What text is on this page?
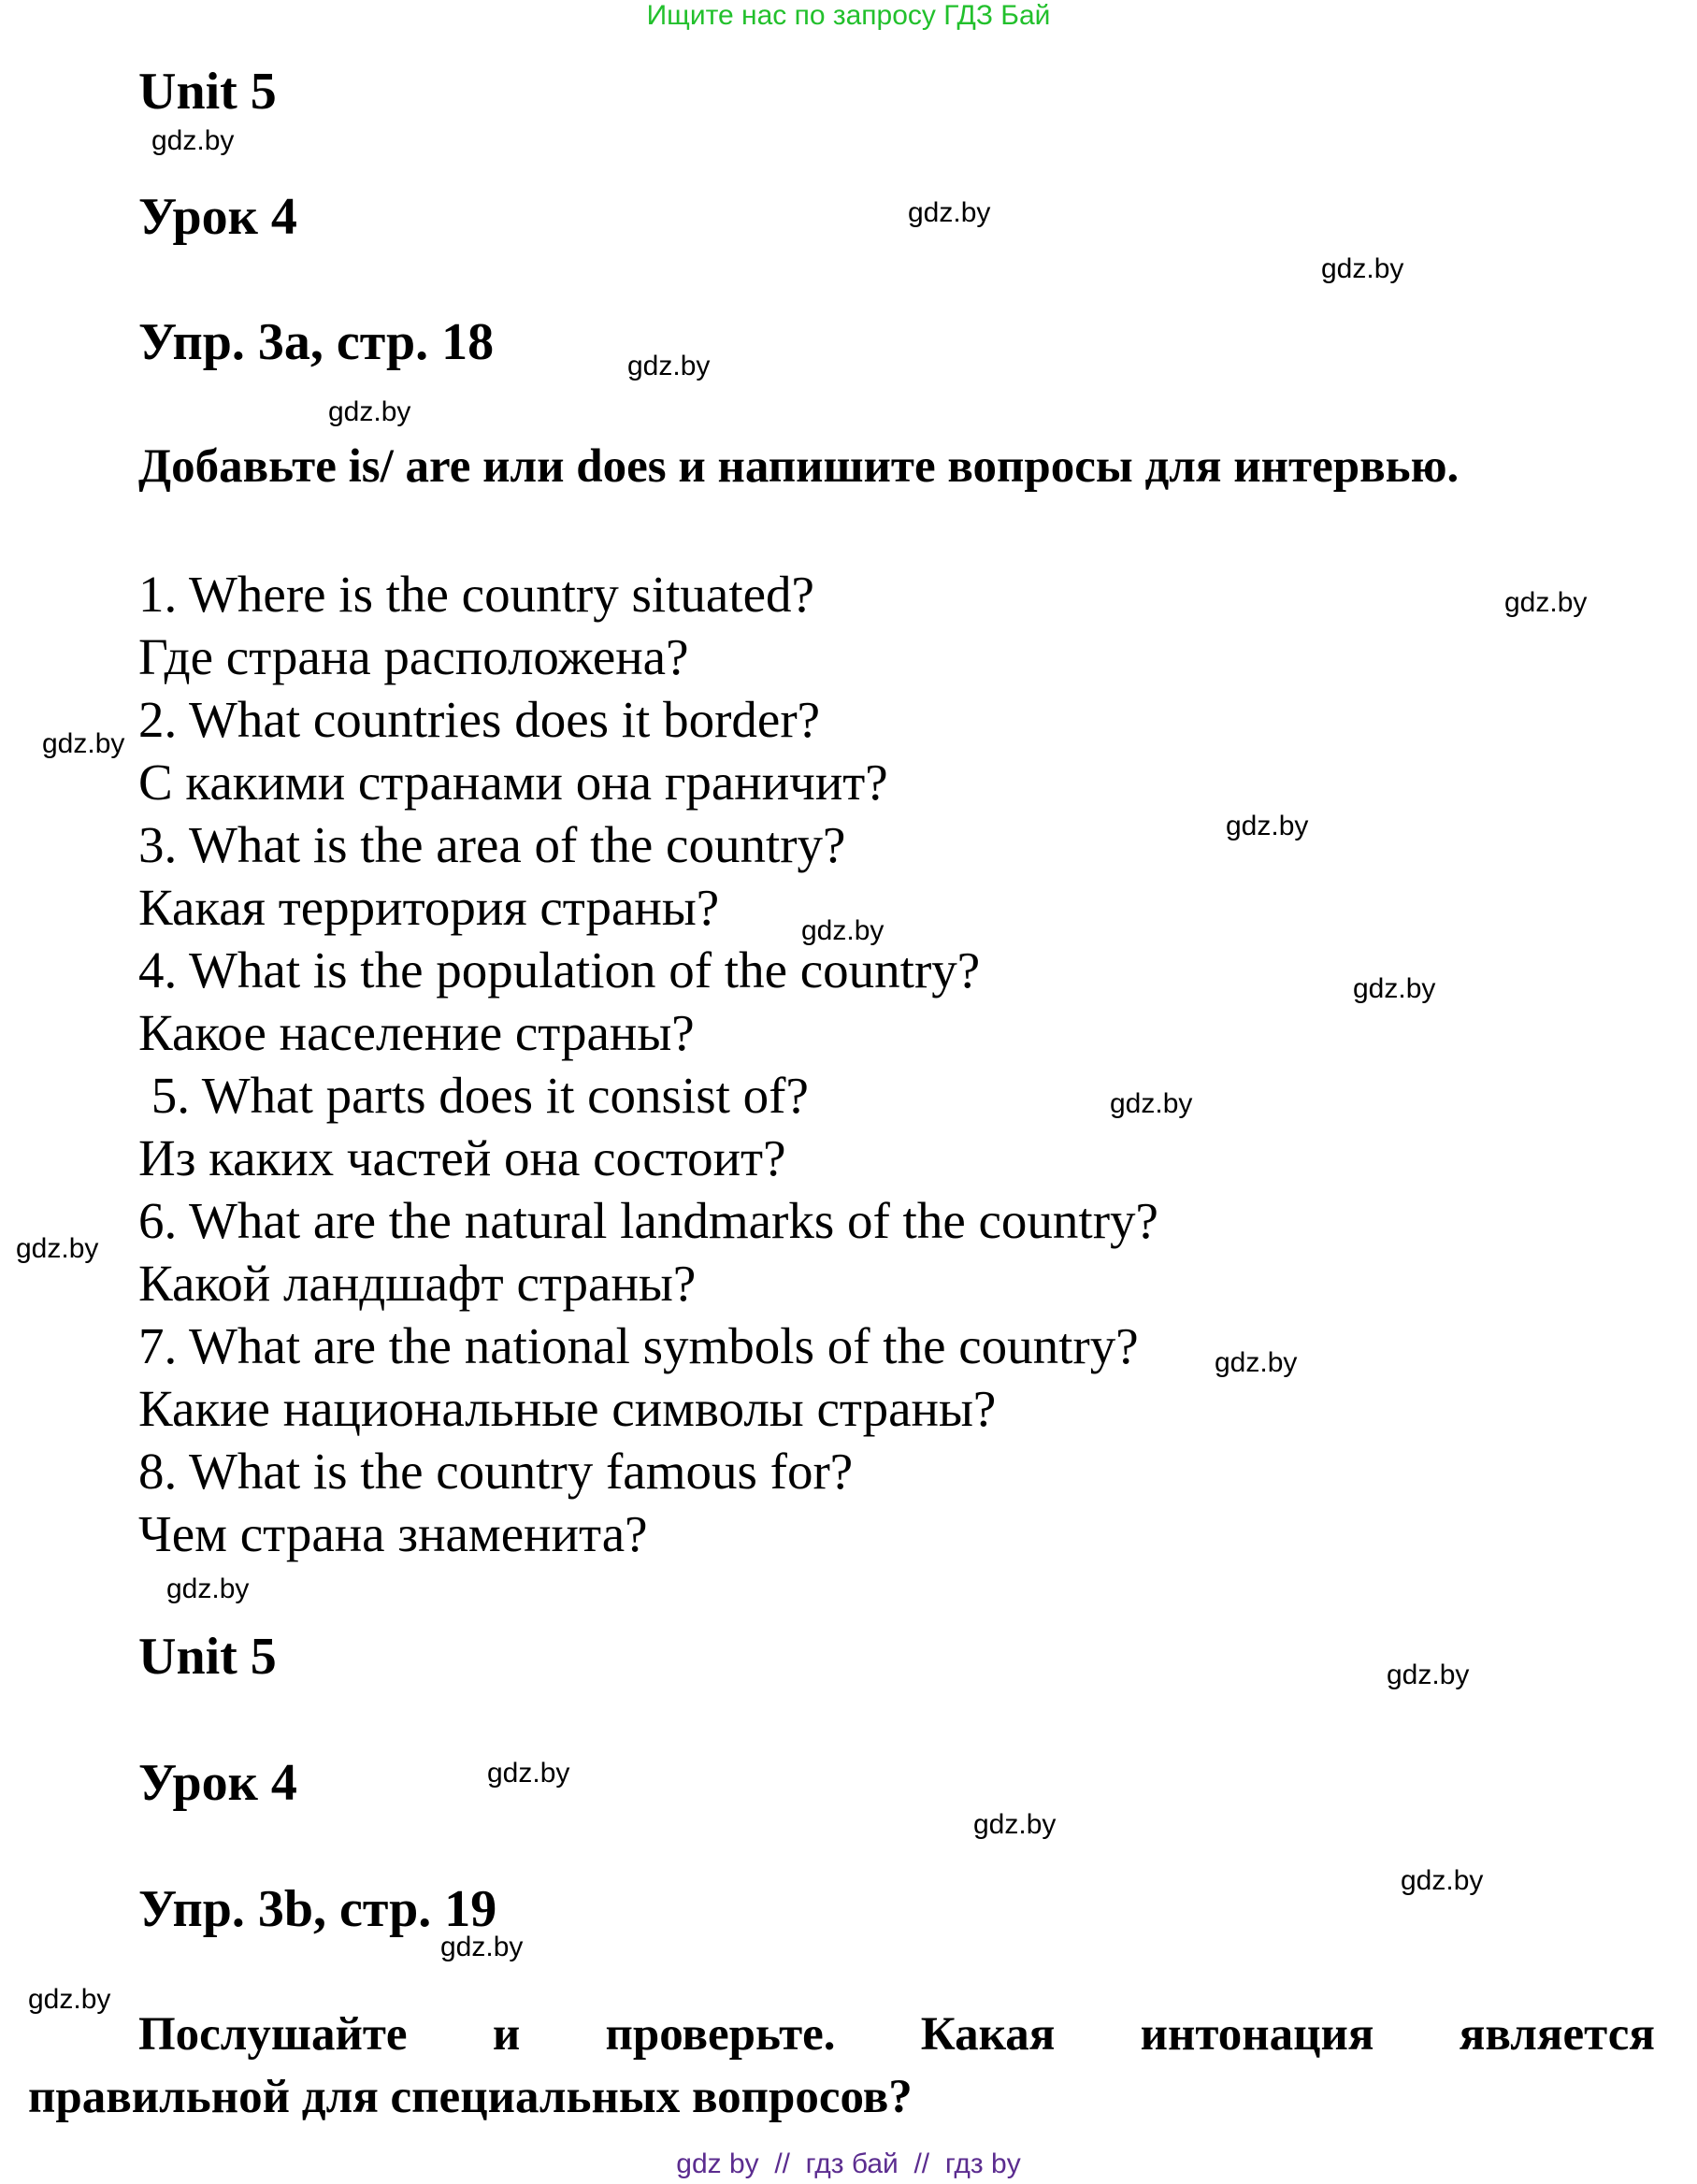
Ищите нас по запросу ГДЗ Бай
Unit 5
Урок 4
Упр. 3а, стр. 18
Добавьте is/ are или does и напишите вопросы для интервью.
1. Where is the country situated?
Где страна расположена?
2. What countries does it border?
С какими странами она граничит?
3. What is the area of the country?
Какая территория страны?
4. What is the population of the country?
Какое население страны?
5. What parts does it consist of?
Из каких частей она состоит?
6. What are the natural landmarks of the country?
Какой ландшафт страны?
7. What are the national symbols of the country?
Какие национальные символы страны?
8. What is the country famous for?
Чем страна знаменита?
Unit 5
Урок 4
Упр. 3b, стр. 19
Послушайте и проверьте. Какая интонация является
правильной для специальных вопросов?
gdz.by
gdz.by
gdz.by
gdz.by
gdz.by
gdz.by
gdz.by
gdz.by
gdz.by
gdz.by
gdz.by
gdz.by
gdz.by
gdz.by
gdz.by
gdz.by
gdz.by
gdz.by
gdz.by
gdz.by
gdz by  //  гдз бай  //  гдз by
